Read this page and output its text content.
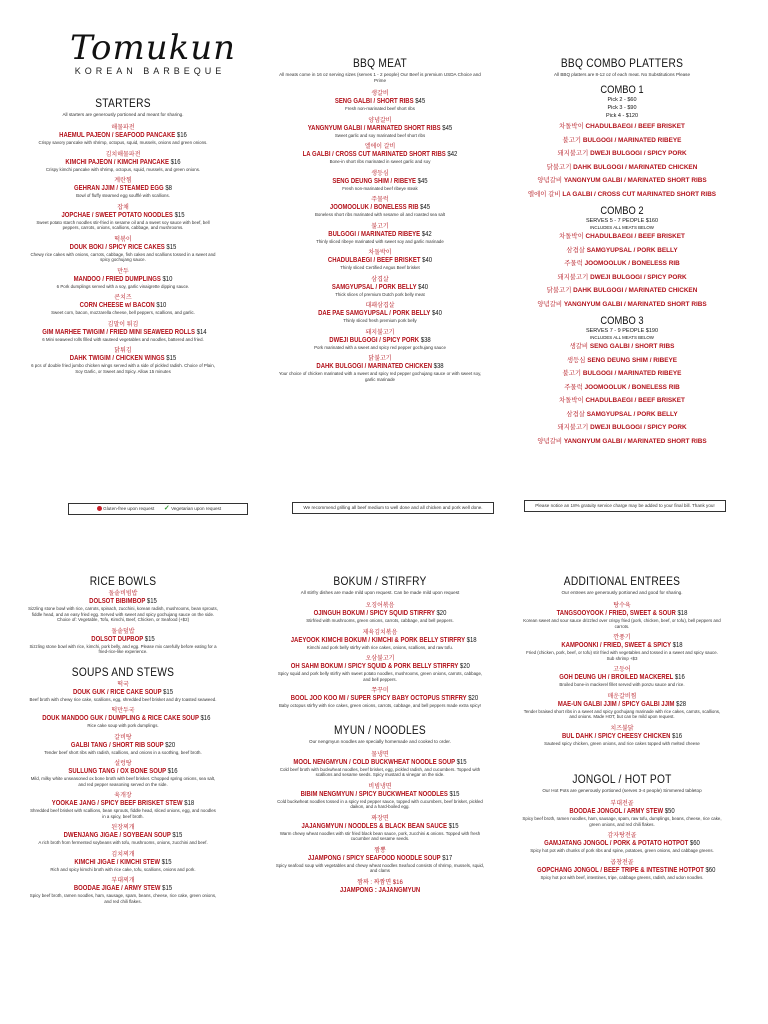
Tomukun
KOREAN BARBEQUE
STARTERS
All starters are generously portioned and meant for sharing.
해물파전
HAEMUL PAJEON / SEAFOOD PANCAKE $16
Crispy savory pancake with shrimp, octopus, squid, mussels, onions and green onions.
김치해물파전
KIMCHI PAJEON / KIMCHI PANCAKE $16
Crispy kimchi pancake with shrimp, octopus, squid, mussels, and green onions.
계란찜
GEHRAN JJIM / STEAMED EGG $8
Bowl of fluffy steamed egg soufflé with scallions.
잡채
JOPCHAE / SWEET POTATO NOODLES $15
Sweet potato starch noodles stir-fried in sesame oil and a sweet soy sauce with beef, bell peppers, carrots, onions, scallions, cabbage, and mushrooms.
떡볶이
DOUK BOKI / SPICY RICE CAKES $15
Chewy rice cakes with onions, carrots, cabbage, fish cakes and scallions tossed in a sweet and spicy gochujang sauce.
만두
MANDOO / FRIED DUMPLINGS $10
6 Pork dumplings served with a soy, garlic vinaigrette dipping sauce.
콘치즈
CORN CHEESE w/ BACON $10
Sweet corn, bacon, mozzarella cheese, bell peppers, scallions, and garlic.
김말이 튀김
GIM MARHEE TWIGIM / FRIED MINI SEAWEED ROLLS $14
6 Mini seaweed rolls filled with sauteed vegetables and noodles, battered and fried.
닭튀김
DAHK TWIGIM / CHICKEN WINGS $15
6 pcs of double fried jumbo chicken wings served with a side of pickled radish. Choice of Plain, Soy Garlic, or Sweet and Spicy. Allow 15 minutes
Gluten-free upon request ✓ Vegetarian upon request
BBQ MEAT
All meats come in 16 oz serving sizes (serves 1 - 2 people) Our Beef is premium USDA Choice and Prime
생갈비
SENG GALBI / SHORT RIBS $45
Fresh non-marinated beef short ribs
양념갈비
YANGNYUM GALBI / MARINATED SHORT RIBS $45
Sweet garlic and soy marinated beef short ribs
엘에이 갈비
LA GALBI / CROSS CUT MARINATED SHORT RIBS $42
Bone-in short ribs marinated in sweet garlic and soy
생등심
SENG DEUNG SHIM / RIBEYE $45
Fresh non-marinated beef ribeye steak
주물럭
JOOMOOLUK / BONELESS RIB $45
Boneless short ribs marinated with sesame oil and roasted sea salt
불고기
BULGOGI / MARINATED RIBEYE $42
Thinly sliced ribeye marinated with sweet soy and garlic marinade
차돌박이
CHADULBAEGI / BEEF BRISKET $40
Thinly sliced Certified Angus Beef brisket
삼겹살
SAMGYUPSAL / PORK BELLY $40
Thick slices of premium Dutch pork belly meat
대패삼겹살
DAE PAE SAMGYUPSAL / PORK BELLY $40
Thinly sliced fresh premium pork belly
돼지불고기
DWEJI BULGOGI / SPICY PORK $38
Pork marinated with a sweet and spicy red pepper gochujang sauce
닭불고기
DAHK BULGOGI / MARINATED CHICKEN $38
Your choice of chicken marinated with a sweet and spicy red pepper gochujang sauce or with sweet soy, garlic marinade
We recommend grilling all beef medium to well done and all chicken and pork well done.
BBQ COMBO PLATTERS
All BBQ platters are 8-12 oz of each meat. No Substitutions Please
COMBO 1
Pick 2 - $60
Pick 3 - $90
Pick 4 - $120
차돌박이 CHADULBAEGI / BEEF BRISKET
불고기 BULGOGI / MARINATED RIBEYE
돼지불고기 DWEJI BULGOGI / SPICY PORK
닭불고기 DAHK BULGOGI / MARINATED CHICKEN
양념갈비 YANGNYUM GALBI / MARINATED SHORT RIBS
엘에이 갈비 LA GALBI / CROSS CUT MARINATED SHORT RIBS
COMBO 2
SERVES 5 - 7 PEOPLE $160
INCLUDES ALL MEATS BELOW
차돌박이 CHADULBAEGI / BEEF BRISKET
삼겹살 SAMGYUPSAL / PORK BELLY
주물럭 JOOMOOLUK / BONELESS RIB
돼지불고기 DWEJI BULGOGI / SPICY PORK
닭불고기 DAHK BULGOGI / MARINATED CHICKEN
양념갈비 YANGNYUM GALBI / MARINATED SHORT RIBS
COMBO 3
SERVES 7 - 9 PEOPLE $190
INCLUDES ALL MEATS BELOW
생갈비 SENG GALBI / SHORT RIBS
생등심 SENG DEUNG SHIM / RIBEYE
불고기 BULGOGI / MARINATED RIBEYE
주물럭 JOOMOOLUK / BONELESS RIB
차돌박이 CHADULBAEGI / BEEF BRISKET
삼겹살 SAMGYUPSAL / PORK BELLY
돼지불고기 DWEJI BULGOGI / SPICY PORK
양념갈비 YANGNYUM GALBI / MARINATED SHORT RIBS
Please notice an 18% gratuity service charge may be added to your final bill. Thank you!
RICE BOWLS
돌솥비빔밥
DOLSOT BIBIMBOP $15
Sizzling stone bowl with rice, carrots, spinach, zucchini, korean radish, mushrooms, bean sprouts, fiddle head, and an easy fried egg. Served with sweet and spicy gochujang sauce on the side. Choice of: Vegetable, Tofu, Kimchi, Beef, Chicken, or Seafood (+$2)
돌솥덮밥
DOLSOT DUPBOP $15
Sizzling stone bowl with rice, kimchi, pork belly, and egg. Please mix carefully before eating for a fried-rice-like experience.
SOUPS AND STEWS
떡국
DOUK GUK / RICE CAKE SOUP $15
Beef broth with chewy rice cake, scallions, egg, shredded beef brisket and dry toasted seaweed.
떡만두국
DOUK MANDOO GUK / DUMPLING & RICE CAKE SOUP $16
Rice cake soup with pork dumplings.
갈비탕
GALBI TANG / SHORT RIB SOUP $20
Tender beef short ribs with radish, scallions, and onions in a soothing, beef broth.
설렁탕
SULLUNG TANG / OX BONE SOUP $16
Mild, milky white unseasoned ox bone broth with beef brisket. Chopped spring onions, sea salt, and red pepper seasoning served on the side.
육개장
YOOKAE JANG / SPICY BEEF BRISKET STEW $18
Shredded beef brisket with scallions, bean sprouts, fiddle head, sliced onions, egg, and noodles in a spicy, beef broth.
된장찌개
DWENJANG JIGAE / SOYBEAN SOUP $15
A rich broth from fermented soybeans with tofu, mushrooms, onions, zucchini and beef.
김치찌개
KIMCHI JIGAE / KIMCHI STEW $15
Rich and spicy kimchi broth with rice cake, tofu, scallions, onions and pork.
부대찌개
BOODAE JIGAE / ARMY STEW $15
Spicy beef broth, ramen noodles, ham, sausage, spam, beans, cheese, rice cake, green onions, and red chili flakes.
BOKUM / STIRFRY
All stirfry dishes are made mild upon request. Can be made mild upon request
오징어볶음
OJINGUH BOKUM / SPICY SQUID STIRFRY $20
Stirfried with mushrooms, green onions, carrots, cabbage, and bell peppers.
제육김치볶음
JAEYOOK KIMCHI BOKUM / KIMCHI & PORK BELLY STIRFRY $18
Kimchi and pork belly stirfry with rice cakes, onions, scallions, and raw tofu.
오삼불고기
OH SAHM BOKUM / SPICY SQUID & PORK BELLY STIRFRY $20
Spicy squid and pork belly stirfry with sweet potato noodles, mushrooms, green onions, carrots, cabbage, and bell peppers.
쭈꾸미
BOOL JOO KOO MI / SUPER SPICY BABY OCTOPUS STIRFRY $20
Baby octopus stirfry with rice cakes, green onions, carrots, cabbage, and bell peppers made extra spicy!
MYUN / NOODLES
Our nengmyun noodles are specially homemade and cooked to order.
물냉면
MOOL NENGMYUN / COLD BUCKWHEAT NOODLE SOUP $15
Cold beef broth with buckwheat noodles, beef brisket, egg, pickled radish, and cucumbers. Topped with scallions and sesame seeds. Spicy mustard & vinegar on the side.
비빔냉면
BIBIM NENGMYUN / SPICY BUCKWHEAT NOODLES $15
Cold buckwheat noodles tossed in a spicy red pepper sauce, topped with cucumbers, beef brisket, pickled daikon, and a hard-boiled egg.
짜장면
JAJANGMYUN / NOODLES & BLACK BEAN SAUCE $15
Warm chewy wheat noodles with stir fried black bean sauce, pork, zucchini & onions. Topped with fresh cucumber and sesame seeds.
짬뽕
JJAMPONG / SPICY SEAFOOD NOODLE SOUP $17
Spicy seafood soup with vegetables and chewy wheat noodles Seafood consists of shrimp, mussels, squid, and clams
짬짜 : 짜짬면 $16
JJAMPONG : JAJANGMYUN
ADDITIONAL ENTREES
Our entrees are generously portioned and good for sharing.
탕수육
TANGSOOYOOK / FRIED, SWEET & SOUR $18
Korean sweet and sour sauce drizzled over crispy fried (pork, chicken, beef, or tofu), bell peppers and carrots.
깐풍기
KAMPOONKI / FRIED, SWEET & SPICY $18
Fried (chicken, pork, beef, or tofu) stir fried with vegetables and tossed in a sweet and spicy sauce. Sub shrimp +$3
고등어
GOH DEUNG UH / BROILED MACKEREL $16
Broiled bone-in mackerel fillet served with ponzu sauce and rice.
매운갈비찜
MAE-UN GALBI JJIM / SPICY GALBI JJIM $28
Tender braised short ribs in a sweet and spicy gochujang marinade with rice cakes, carrots, scallions, and onions. Made HOT, but can be mild upon request.
치즈불닭
BUL DAHK / SPICY CHEESY CHICKEN $16
Sauteed spicy chicken, green onions, and rice cakes topped with melted cheese
JONGOL / HOT POT
Our Hot Pots are generously portioned (serves 3-4 people) Simmered tabletop
부대전골
BOODAE JONGOL / ARMY STEW $50
Spicy beef broth, ramen noodles, ham, sausage, spam, raw tofu, dumplings, beans, cheese, rice cake, green onions, and red chili flakes.
감자탕전골
GAMJATANG JONGOL / PORK & POTATO HOTPOT $60
Spicy hot pot with chunks of pork ribs and spine, potatoes, green onions, and cabbage greens.
곱창전골
GOPCHANG JONGOL / BEEF TRIPE & INTESTINE HOTPOT $60
Spicy hot pot with beef, intestines, tripe, cabbage greens, radish, and udon noodles.
